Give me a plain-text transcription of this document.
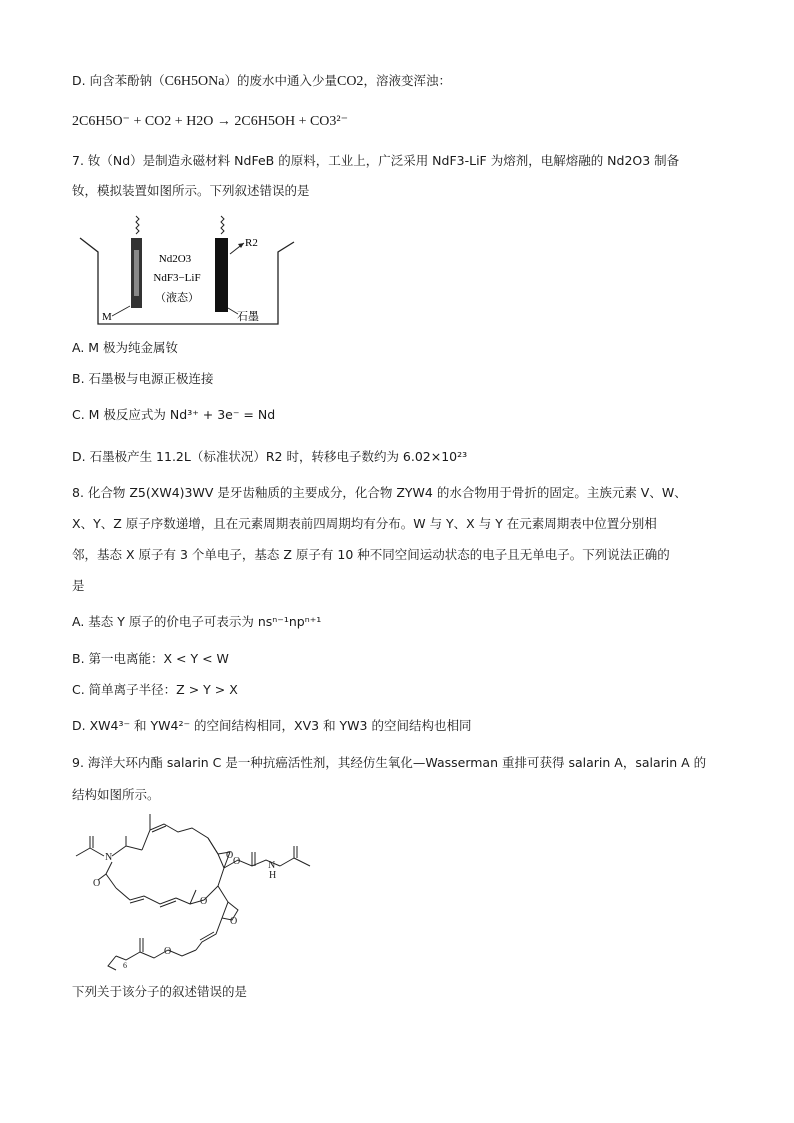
D. 向含苯酚钠（C6H5ONa）的废水中通入少量CO2，溶液变浑浊：
2C6H5O⁻ + CO2 + H2O → 2C6H5OH + CO3²⁻
7. 钕（Nd）是制造永磁材料 NdFeB 的原料，工业上，广泛采用 NdF3-LiF 为熔剂，电解熔融的 Nd2O3 制备
钕，模拟装置如图所示。下列叙述错误的是
R2
Nd2O3
NdF3−LiF
（液态）
M	石墨
A. M 极为纯金属钕
B. 石墨极与电源正极连接
C. M 极反应式为 Nd³⁺ + 3e⁻ = Nd
D. 石墨极产生 11.2L（标准状况）R2 时，转移电子数约为 6.02×10²³
8. 化合物 Z5(XW4)3WV 是牙齿釉质的主要成分，化合物 ZYW4 的水合物用于骨折的固定。主族元素 V、W、
X、Y、Z 原子序数递增，且在元素周期表前四周期均有分布。W 与 Y、X 与 Y 在元素周期表中位置分别相
邻，基态 X 原子有 3 个单电子，基态 Z 原子有 10 种不同空间运动状态的电子且无单电子。下列说法正确的
是
A. 基态 Y 原子的价电子可表示为 nsⁿ⁻¹npⁿ⁺¹
B. 第一电离能：X < Y < W
C. 简单离子半径：Z > Y > X
D. XW4³⁻ 和 YW4²⁻ 的空间结构相同，XV3 和 YW3 的空间结构也相同
9. 海洋大环内酯 salarin C 是一种抗癌活性剂，其经仿生氧化—Wasserman 重排可获得 salarin A，salarin A 的
结构如图所示。
N	O
O	N
H
O
O
O
O
6
下列关于该分子的叙述错误的是
